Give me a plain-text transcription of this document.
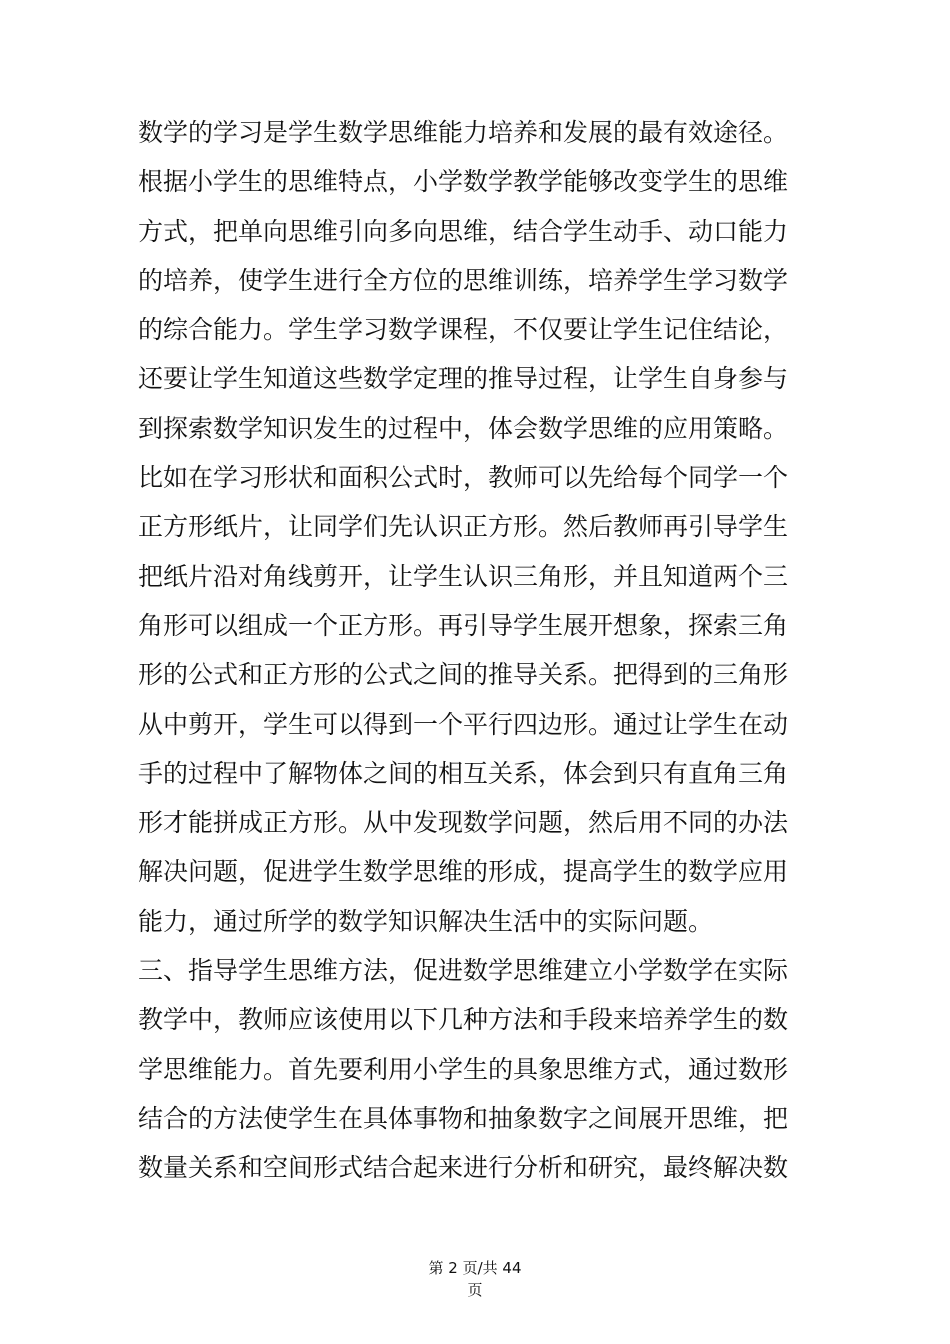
数学的学习是学生数学思维能力培养和发展的最有效途径。
根据小学生的思维特点，小学数学教学能够改变学生的思维
方式，把单向思维引向多向思维，结合学生动手、动口能力
的培养，使学生进行全方位的思维训练，培养学生学习数学
的综合能力。学生学习数学课程，不仅要让学生记住结论，
还要让学生知道这些数学定理的推导过程，让学生自身参与
到探索数学知识发生的过程中，体会数学思维的应用策略。
比如在学习形状和面积公式时，教师可以先给每个同学一个
正方形纸片，让同学们先认识正方形。然后教师再引导学生
把纸片沿对角线剪开，让学生认识三角形，并且知道两个三
角形可以组成一个正方形。再引导学生展开想象，探索三角
形的公式和正方形的公式之间的推导关系。把得到的三角形
从中剪开，学生可以得到一个平行四边形。通过让学生在动
手的过程中了解物体之间的相互关系，体会到只有直角三角
形才能拼成正方形。从中发现数学问题，然后用不同的办法
解决问题，促进学生数学思维的形成，提高学生的数学应用
能力，通过所学的数学知识解决生活中的实际问题。
三、指导学生思维方法，促进数学思维建立小学数学在实际
教学中，教师应该使用以下几种方法和手段来培养学生的数
学思维能力。首先要利用小学生的具象思维方式，通过数形
结合的方法使学生在具体事物和抽象数字之间展开思维，把
数量关系和空间形式结合起来进行分析和研究，最终解决数
第 2 页/共 44
页
